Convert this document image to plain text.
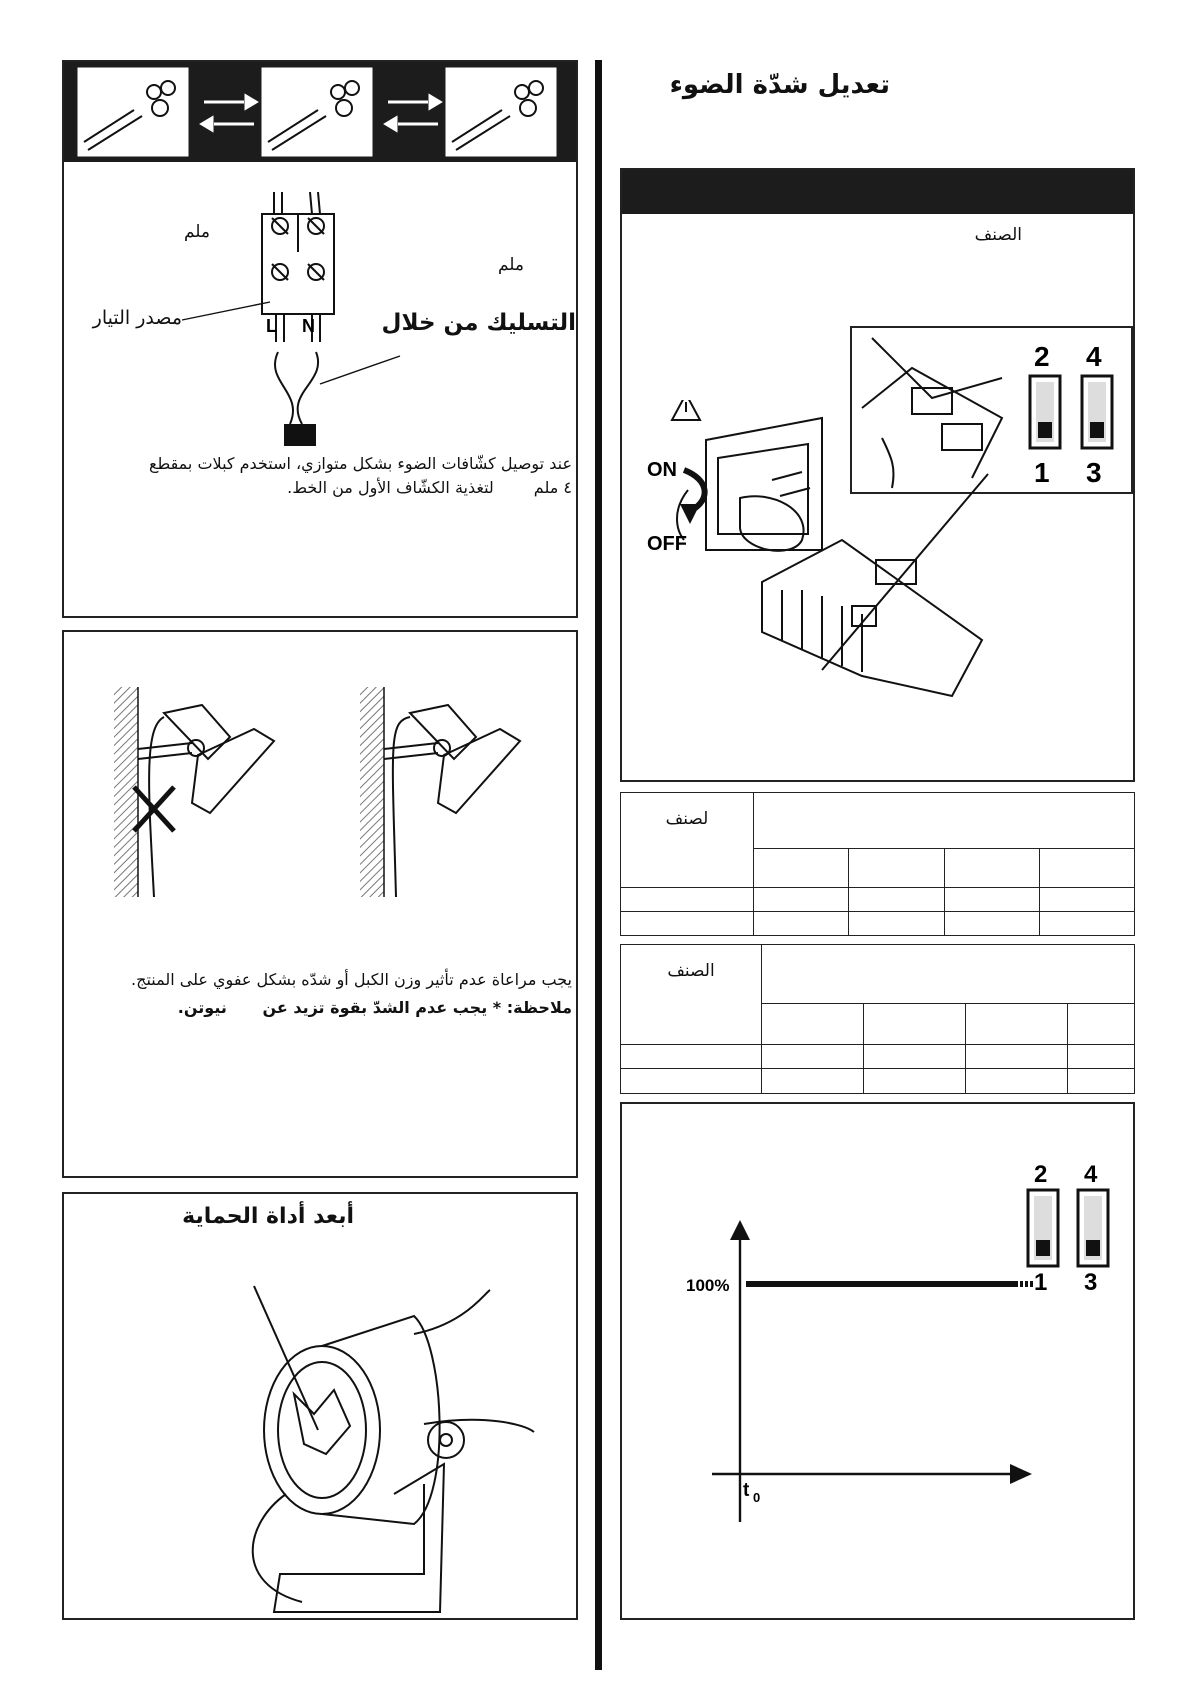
L N
ملم
ملم
مصدر التيار	التسليك من خلال
عند توصيل كشّافات الضوء بشكل متوازي، استخدم كبلات بمقطع
٤ ملم
لتغذية الكشّاف الأول من الخط.
يجب مراعاة عدم تأثير وزن الكبل أو شدّه بشكل عفوي على المنتج.
ملاحظة: * يجب عدم الشدّ بقوة تزيد عن نيوتن.
أبعد أداة الحماية
تعديل شدّة الضوء
الصنف
2 4
1 3
ON
OFF
لصنف				

الصنف				

100%
t 0
2 4
1 3
